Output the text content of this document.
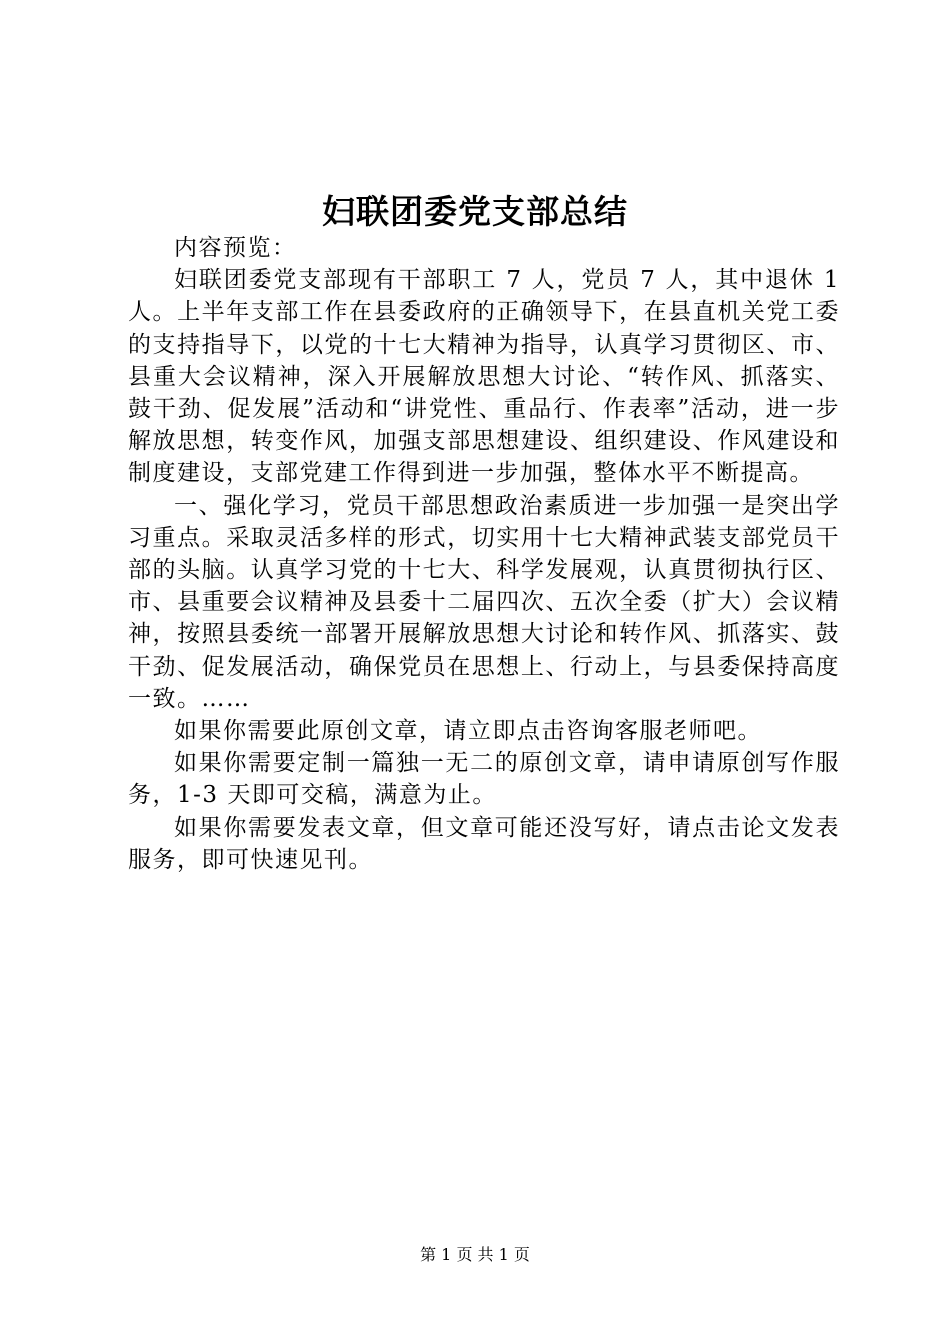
妇联团委党支部总结

内容预览：

妇联团委党支部现有干部职工 7 人，党员 7 人，其中退休 1 人。上半年支部工作在县委政府的正确领导下，在县直机关党工委的支持指导下，以党的十七大精神为指导，认真学习贯彻区、市、县重大会议精神，深入开展解放思想大讨论、“转作风、抓落实、鼓干劲、促发展”活动和“讲党性、重品行、作表率”活动，进一步解放思想，转变作风，加强支部思想建设、组织建设、作风建设和制度建设，支部党建工作得到进一步加强，整体水平不断提高。

一、强化学习，党员干部思想政治素质进一步加强一是突出学习重点。采取灵活多样的形式，切实用十七大精神武装支部党员干部的头脑。认真学习党的十七大、科学发展观，认真贯彻执行区、市、县重要会议精神及县委十二届四次、五次全委（扩大）会议精神，按照县委统一部署开展解放思想大讨论和转作风、抓落实、鼓干劲、促发展活动，确保党员在思想上、行动上，与县委保持高度一致。……

如果你需要此原创文章，请立即点击咨询客服老师吧。

如果你需要定制一篇独一无二的原创文章，请申请原创写作服务，1-3 天即可交稿，满意为止。

如果你需要发表文章，但文章可能还没写好，请点击论文发表服务，即可快速见刊。

第 1 页 共 1 页
